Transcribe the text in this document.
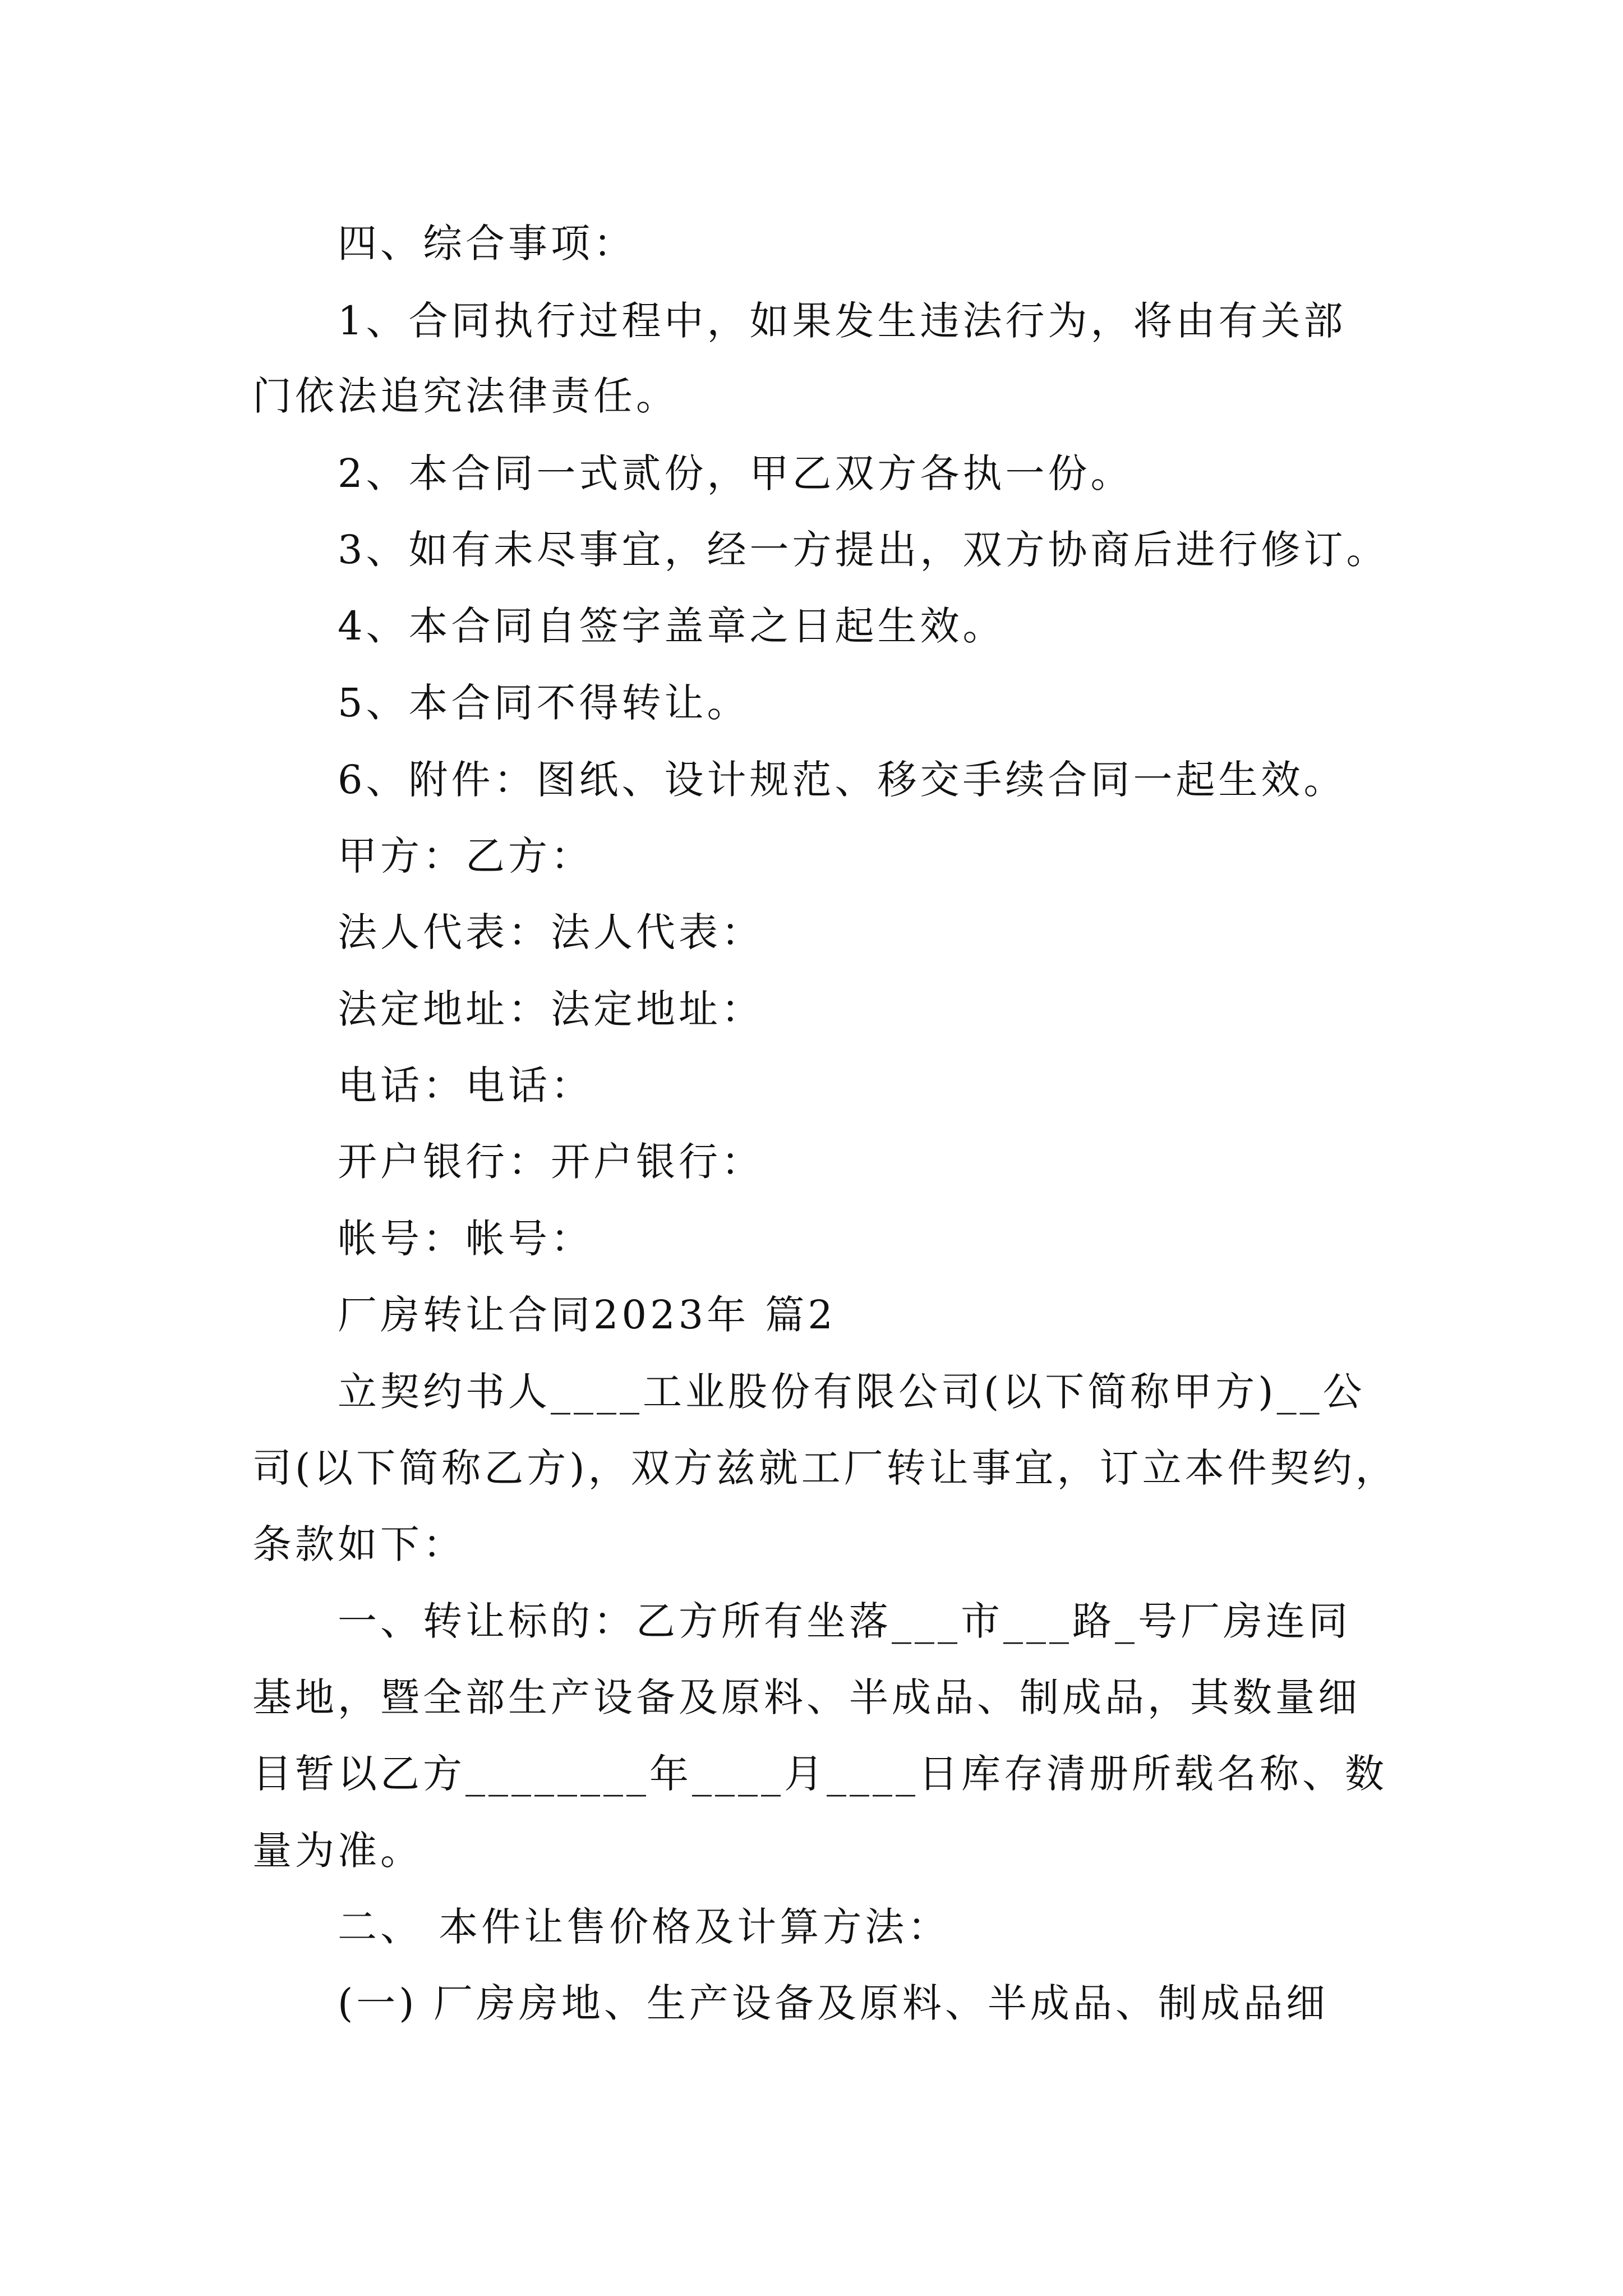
四、综合事项：
1、合同执行过程中，如果发生违法行为，将由有关部
门依法追究法律责任。
2、本合同一式贰份，甲乙双方各执一份。
3、如有未尽事宜，经一方提出，双方协商后进行修订。
4、本合同自签字盖章之日起生效。
5、本合同不得转让。
6、附件：图纸、设计规范、移交手续合同一起生效。
甲方：乙方：
法人代表：法人代表：
法定地址：法定地址：
电话：电话：
开户银行：开户银行：
帐号：帐号：
厂房转让合同2023年 篇2
立契约书人____工业股份有限公司(以下简称甲方)__公
司(以下简称乙方)，双方兹就工厂转让事宜，订立本件契约，
条款如下：
一、转让标的：乙方所有坐落___市___路_号厂房连同
基地，暨全部生产设备及原料、半成品、制成品，其数量细
目暂以乙方________年____月____日库存清册所载名称、数
量为准。
二、 本件让售价格及计算方法：
(一) 厂房房地、生产设备及原料、半成品、制成品细
